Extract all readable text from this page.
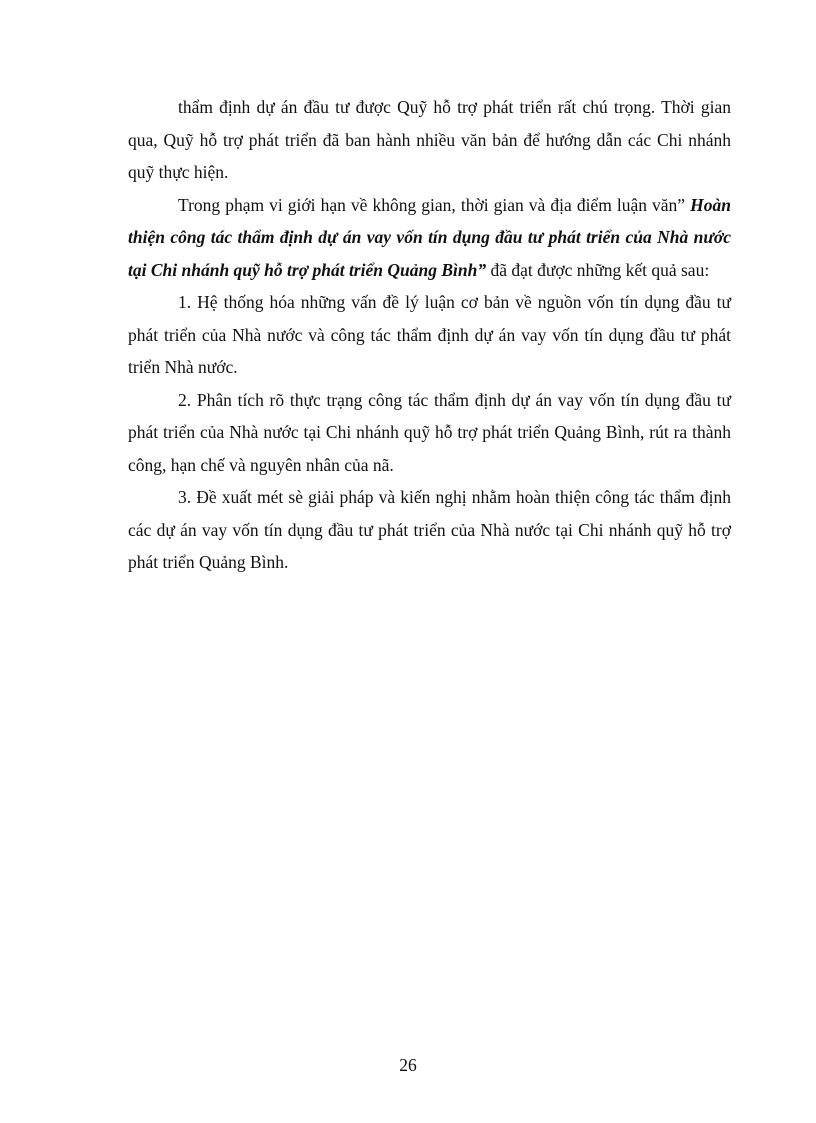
thẩm định dự án đầu tư được Quỹ hỗ trợ phát triển rất chú trọng. Thời gian qua, Quỹ hỗ trợ phát triển đã ban hành nhiều văn bản để hướng dẫn các Chi nhánh quỹ thực hiện.

Trong phạm vi giới hạn về không gian, thời gian và địa điểm luận văn” Hoàn thiện công tác thẩm định dự án vay vốn tín dụng đầu tư phát triển của Nhà nước tại Chi nhánh quỹ hỗ trợ phát triển Quảng Bình” đã đạt được những kết quả sau:

1. Hệ thống hóa những vấn đề lý luận cơ bản về nguồn vốn tín dụng đầu tư phát triển của Nhà nước và công tác thẩm định dự án vay vốn tín dụng đầu tư phát triển Nhà nước.

2. Phân tích rõ thực trạng công tác thẩm định dự án vay vốn tín dụng đầu tư phát triển của Nhà nước tại Chi nhánh quỹ hỗ trợ phát triển Quảng Bình, rút ra thành công, hạn chế và nguyên nhân của nã.

3. Đề xuất mét sè giải pháp và kiến nghị nhằm hoàn thiện công tác thẩm định các dự án vay vốn tín dụng đầu tư phát triển của Nhà nước tại Chi nhánh quỹ hỗ trợ phát triển Quảng Bình.

26
